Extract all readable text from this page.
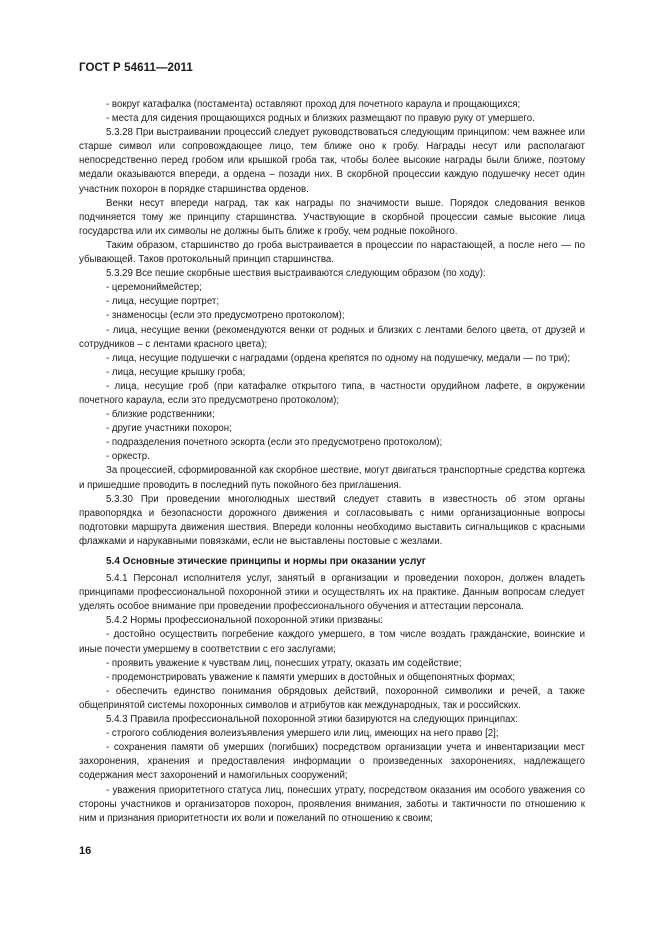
ГОСТ Р 54611—2011

- вокруг катафалка (постамента) оставляют проход для почетного караула и прощающихся;

- места для сидения прощающихся родных и близких размещают по правую руку от умершего.

5.3.28 При выстраивании процессий следует руководствоваться следующим принципом: чем важнее или старше символ или сопровождающее лицо, тем ближе оно к гробу. Награды несут или располагают непосредственно перед гробом или крышкой гроба так, чтобы более высокие награды были ближе, поэтому медали оказываются впереди, а ордена – позади них. В скорбной процессии каждую подушечку несет один участник похорон в порядке старшинства орденов.

Венки несут впереди наград, так как награды по значимости выше. Порядок следования венков подчиняется тому же принципу старшинства. Участвующие в скорбной процессии самые высокие лица государства или их символы не должны быть ближе к гробу, чем родные покойного.

Таким образом, старшинство до гроба выстраивается в процессии по нарастающей, а после него — по убывающей. Таков протокольный принцип старшинства.

5.3.29 Все пешие скорбные шествия выстраиваются следующим образом (по ходу):

- церемониймейстер;

- лица, несущие портрет;

- знаменосцы (если это предусмотрено протоколом);

- лица, несущие венки (рекомендуются венки от родных и близких с лентами белого цвета, от друзей и сотрудников – с лентами красного цвета);

- лица, несущие подушечки с наградами (ордена крепятся по одному на подушечку, медали — по три);

- лица, несущие крышку гроба;

- лица, несущие гроб (при катафалке открытого типа, в частности орудийном лафете, в окружении почетного караула, если это предусмотрено протоколом);

- близкие родственники;

- другие участники похорон;

- подразделения почетного эскорта (если это предусмотрено протоколом);

- оркестр.

За процессией, сформированной как скорбное шествие, могут двигаться транспортные средства кортежа и пришедшие проводить в последний путь покойного без приглашения.

5.3.30 При проведении многолюдных шествий следует ставить в известность об этом органы правопорядка и безопасности дорожного движения и согласовывать с ними организационные вопросы подготовки маршрута движения шествия. Впереди колонны необходимо выставить сигнальщиков с красными флажками и нарукавными повязками, если не выставлены постовые с жезлами.

5.4 Основные этические принципы и нормы при оказании услуг

5.4.1 Персонал исполнителя услуг, занятый в организации и проведении похорон, должен владеть принципами профессиональной похоронной этики и осуществлять их на практике. Данным вопросам следует уделять особое внимание при проведении профессионального обучения и аттестации персонала.

5.4.2 Нормы профессиональной похоронной этики призваны:

- достойно осуществить погребение каждого умершего, в том числе воздать гражданские, воинские и иные почести умершему в соответствии с его заслугами;

- проявить уважение к чувствам лиц, понесших утрату, оказать им содействие;

- продемонстрировать уважение к памяти умерших в достойных и общепонятных формах;

- обеспечить единство понимания обрядовых действий, похоронной символики и речей, а также общепринятой системы похоронных символов и атрибутов как международных, так и российских.

5.4.3 Правила профессиональной похоронной этики базируются на следующих принципах:

- строгого соблюдения волеизъявления умершего или лиц, имеющих на него право [2];

- сохранения памяти об умерших (погибших) посредством организации учета и инвентаризации мест захоронения, хранения и предоставления информации о произведенных захоронениях, надлежащего содержания мест захоронений и намогильных сооружений;

- уважения приоритетного статуса лиц, понесших утрату, посредством оказания им особого уважения со стороны участников и организаторов похорон, проявления внимания, заботы и тактичности по отношению к ним и признания приоритетности их воли и пожеланий по отношению к своим;

16
